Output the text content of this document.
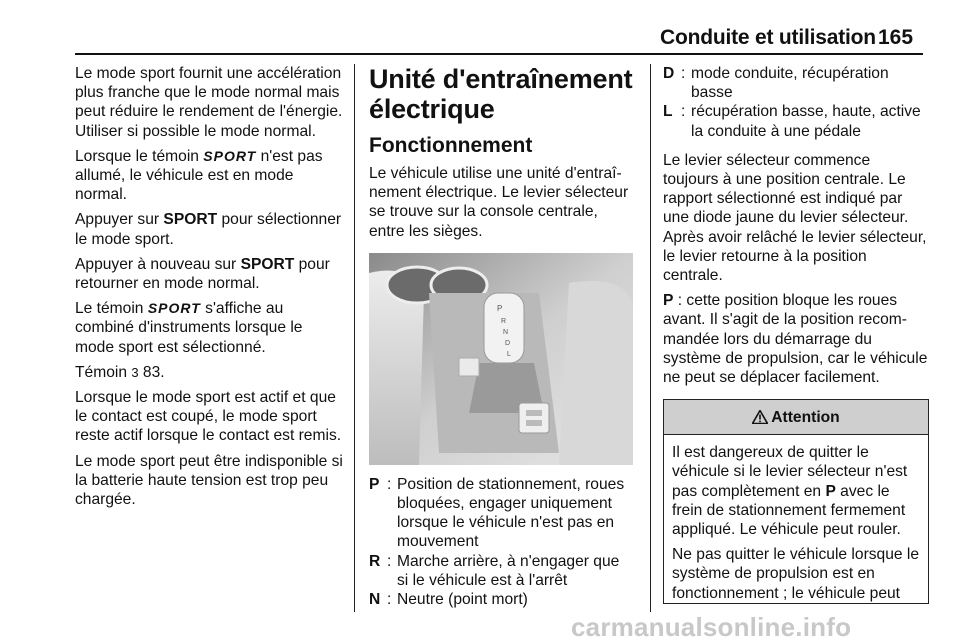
Conduite et utilisation 165

Le mode sport fournit une accélération plus franche que le mode normal mais peut réduire le rendement de l'énergie. Utiliser si possible le mode normal.

Lorsque le témoin SPORT n'est pas allumé, le véhicule est en mode normal.

Appuyer sur SPORT pour sélectionner le mode sport.

Appuyer à nouveau sur SPORT pour retourner en mode normal.

Le témoin SPORT s'affiche au combiné d'instruments lorsque le mode sport est sélectionné.

Témoin 3 83.

Lorsque le mode sport est actif et que le contact est coupé, le mode sport reste actif lorsque le contact est remis.

Le mode sport peut être indisponible si la batterie haute tension est trop peu chargée.

Unité d'entraînement électrique
Fonctionnement

Le véhicule utilise une unité d'entraînement électrique. Le levier sélecteur se trouve sur la console centrale, entre les sièges.

P
R
N
D
L
P : Position de stationnement, roues bloquées, engager uniquement lorsque le véhicule n'est pas en mouvement
R : Marche arrière, à n'engager que si le véhicule est à l'arrêt
N : Neutre (point mort)
D : mode conduite, récupération basse
L : récupération basse, haute, active la conduite à une pédale

Le levier sélecteur commence toujours à une position centrale. Le rapport sélectionné est indiqué par une diode jaune du levier sélecteur. Après avoir relâché le levier sélecteur, le levier retourne à la position centrale.

P : cette position bloque les roues avant. Il s'agit de la position recommandée lors du démarrage du système de propulsion, car le véhicule ne peut se déplacer facilement.

Attention

Il est dangereux de quitter le véhicule si le levier sélecteur n'est pas complètement en P avec le frein de stationnement fermement appliqué. Le véhicule peut rouler.

Ne pas quitter le véhicule lorsque le système de propulsion est en fonctionnement ; le véhicule peut

carmanualsonline.info
